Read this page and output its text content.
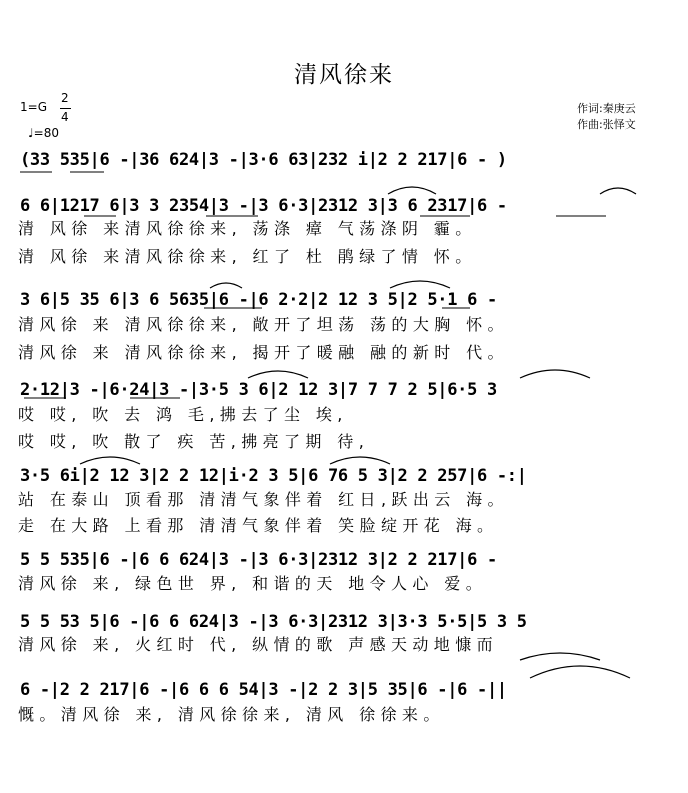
清风徐来
1=G
2
4
♩=80
作词:秦庚云
作曲:张怿文
(33 535|6 -|36 624|3 -|3·6 63|232 i|2 2 217|6 - )
6 6|1217 6|3 3 2354|3 -|3 6·3|2312 3|3 6 2317|6 -
清 风徐 来清风徐徐来, 荡涤 瘴 气荡涤阴 霾。
清 风徐 来清风徐徐来, 红了 杜 鹃绿了情 怀。
3 6|5 35 6|3 6 5635|6 -|6 2·2|2 12 3 5|2 5·1 6 -
清风徐 来 清风徐徐来, 敞开了坦荡 荡的大胸 怀。
清风徐 来 清风徐徐来, 揭开了暖融 融的新时 代。
2·12|3 -|6·24|3 -|3·5 3 6|2 12 3|7 7 7 2 5|6·5 3
哎 哎, 吹 去 鸿 毛,拂去了尘 埃,
哎 哎, 吹 散了 疾 苦,拂亮了期 待,
3·5 6i|2 12 3|2 2 12|i·2 3 5|6 76 5 3|2 2 257|6 -:|
站 在泰山 顶看那 清清气象伴着 红日,跃出云 海。
走 在大路 上看那 清清气象伴着 笑脸绽开花 海。
5 5 535|6 -|6 6 624|3 -|3 6·3|2312 3|2 2 217|6 -
清风徐 来, 绿色世 界, 和谐的天 地令人心 爱。
5 5 53 5|6 -|6 6 624|3 -|3 6·3|2312 3|3·3 5·5|5 3 5
清风徐 来, 火红时 代, 纵情的歌 声感天动地慷而
6 -|2 2 217|6 -|6 6 6 54|3 -|2 2 3|5 35|6 -|6 -||
慨。清风徐 来, 清风徐徐来, 清风 徐徐来。
